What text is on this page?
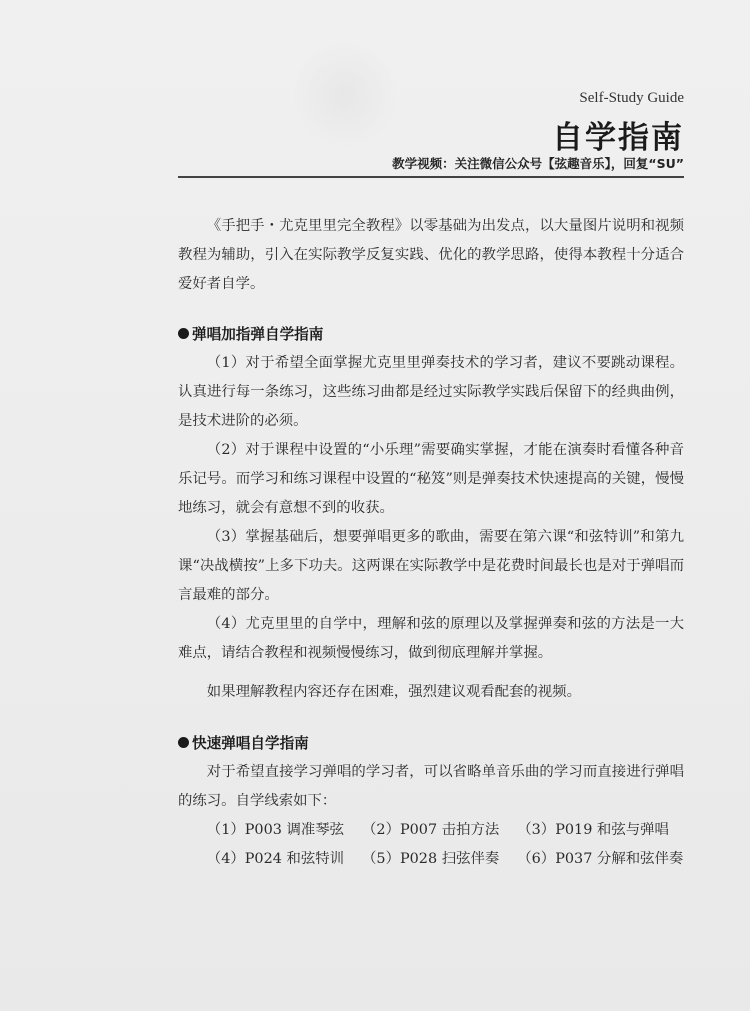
Self-Study Guide
自学指南
教学视频：关注微信公众号【弦趣音乐】，回复“SU”

《手把手・尤克里里完全教程》以零基础为出发点，以大量图片说明和视频教程为辅助，引入在实际教学反复实践、优化的教学思路，使得本教程十分适合爱好者自学。

弹唱加指弹自学指南

（1）对于希望全面掌握尤克里里弹奏技术的学习者，建议不要跳动课程。认真进行每一条练习，这些练习曲都是经过实际教学实践后保留下的经典曲例，是技术进阶的必须。

（2）对于课程中设置的“小乐理”需要确实掌握，才能在演奏时看懂各种音乐记号。而学习和练习课程中设置的“秘笈”则是弹奏技术快速提高的关键，慢慢地练习，就会有意想不到的收获。

（3）掌握基础后，想要弹唱更多的歌曲，需要在第六课“和弦特训”和第九课“决战横按”上多下功夫。这两课在实际教学中是花费时间最长也是对于弹唱而言最难的部分。

（4）尤克里里的自学中，理解和弦的原理以及掌握弹奏和弦的方法是一大难点，请结合教程和视频慢慢练习，做到彻底理解并掌握。

如果理解教程内容还存在困难，强烈建议观看配套的视频。

快速弹唱自学指南

对于希望直接学习弹唱的学习者，可以省略单音乐曲的学习而直接进行弹唱的练习。自学线索如下：

（1）P003 调准琴弦 （2）P007 击拍方法 （3）P019 和弦与弹唱
（4）P024 和弦特训 （5）P028 扫弦伴奏 （6）P037 分解和弦伴奏
